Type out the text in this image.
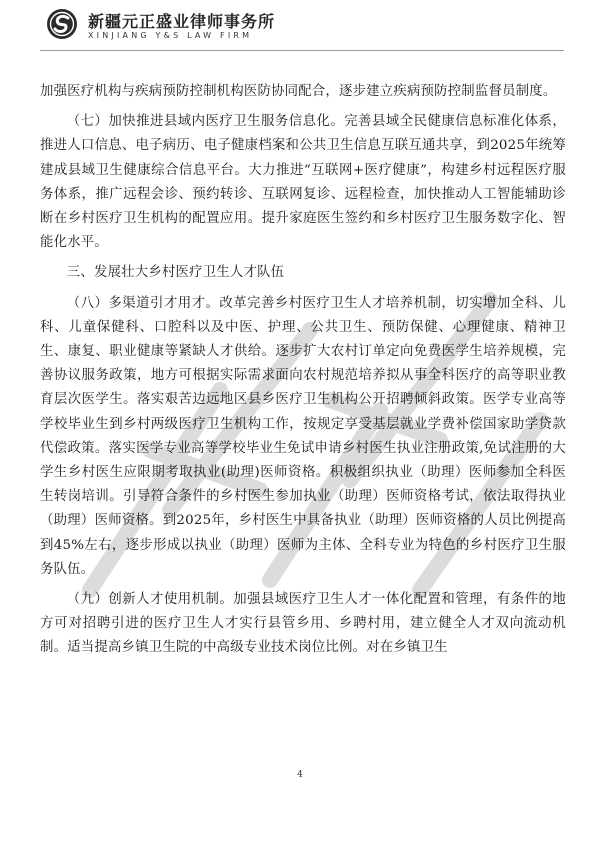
新疆元正盛业律师事务所
XINJIANG Y&S LAW FIRM

加强医疗机构与疾病预防控制机构医防协同配合，逐步建立疾病预防控制监督员制度。

（七）加快推进县域内医疗卫生服务信息化。完善县域全民健康信息标准化体系，推进人口信息、电子病历、电子健康档案和公共卫生信息互联互通共享，到2025年统筹建成县域卫生健康综合信息平台。大力推进“互联网+医疗健康”，构建乡村远程医疗服务体系，推广远程会诊、预约转诊、互联网复诊、远程检查，加快推动人工智能辅助诊断在乡村医疗卫生机构的配置应用。提升家庭医生签约和乡村医疗卫生服务数字化、智能化水平。

三、发展壮大乡村医疗卫生人才队伍

（八）多渠道引才用才。改革完善乡村医疗卫生人才培养机制，切实增加全科、儿科、儿童保健科、口腔科以及中医、护理、公共卫生、预防保健、心理健康、精神卫生、康复、职业健康等紧缺人才供给。逐步扩大农村订单定向免费医学生培养规模，完善协议服务政策，地方可根据实际需求面向农村规范培养拟从事全科医疗的高等职业教育层次医学生。落实艰苦边远地区县乡医疗卫生机构公开招聘倾斜政策。医学专业高等学校毕业生到乡村两级医疗卫生机构工作，按规定享受基层就业学费补偿国家助学贷款代偿政策。落实医学专业高等学校毕业生免试申请乡村医生执业注册政策,免试注册的大学生乡村医生应限期考取执业(助理)医师资格。积极组织执业（助理）医师参加全科医生转岗培训。引导符合条件的乡村医生参加执业（助理）医师资格考试，依法取得执业（助理）医师资格。到2025年，乡村医生中具备执业（助理）医师资格的人员比例提高到45%左右，逐步形成以执业（助理）医师为主体、全科专业为特色的乡村医疗卫生服务队伍。

（九）创新人才使用机制。加强县域医疗卫生人才一体化配置和管理，有条件的地方可对招聘引进的医疗卫生人才实行县管乡用、乡聘村用，建立健全人才双向流动机制。适当提高乡镇卫生院的中高级专业技术岗位比例。对在乡镇卫生

4
